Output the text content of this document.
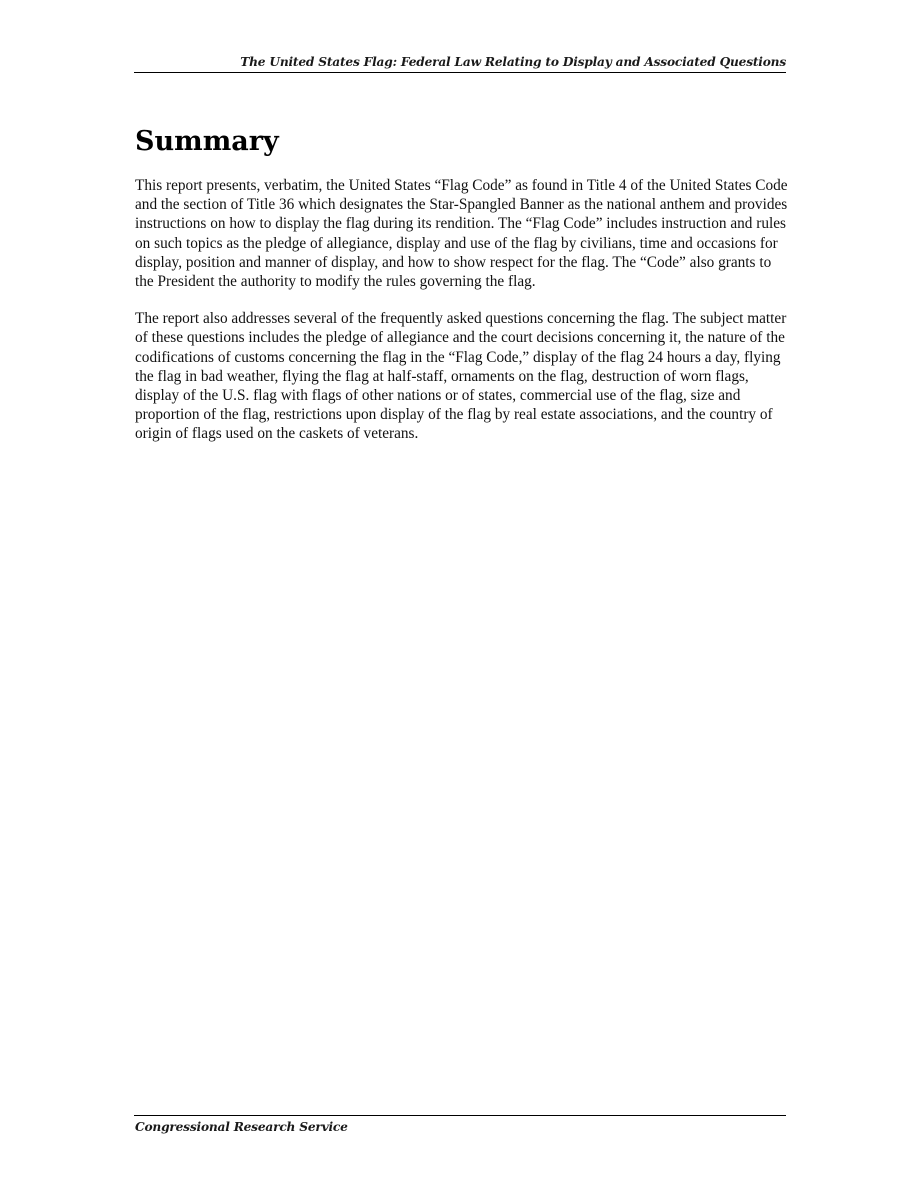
The United States Flag: Federal Law Relating to Display and Associated Questions
Summary

This report presents, verbatim, the United States “Flag Code” as found in Title 4 of the United States Code and the section of Title 36 which designates the Star-Spangled Banner as the national anthem and provides instructions on how to display the flag during its rendition. The “Flag Code” includes instruction and rules on such topics as the pledge of allegiance, display and use of the flag by civilians, time and occasions for display, position and manner of display, and how to show respect for the flag. The “Code” also grants to the President the authority to modify the rules governing the flag.

The report also addresses several of the frequently asked questions concerning the flag. The subject matter of these questions includes the pledge of allegiance and the court decisions concerning it, the nature of the codifications of customs concerning the flag in the “Flag Code,” display of the flag 24 hours a day, flying the flag in bad weather, flying the flag at half-staff, ornaments on the flag, destruction of worn flags, display of the U.S. flag with flags of other nations or of states, commercial use of the flag, size and proportion of the flag, restrictions upon display of the flag by real estate associations, and the country of origin of flags used on the caskets of veterans.

Congressional Research Service
